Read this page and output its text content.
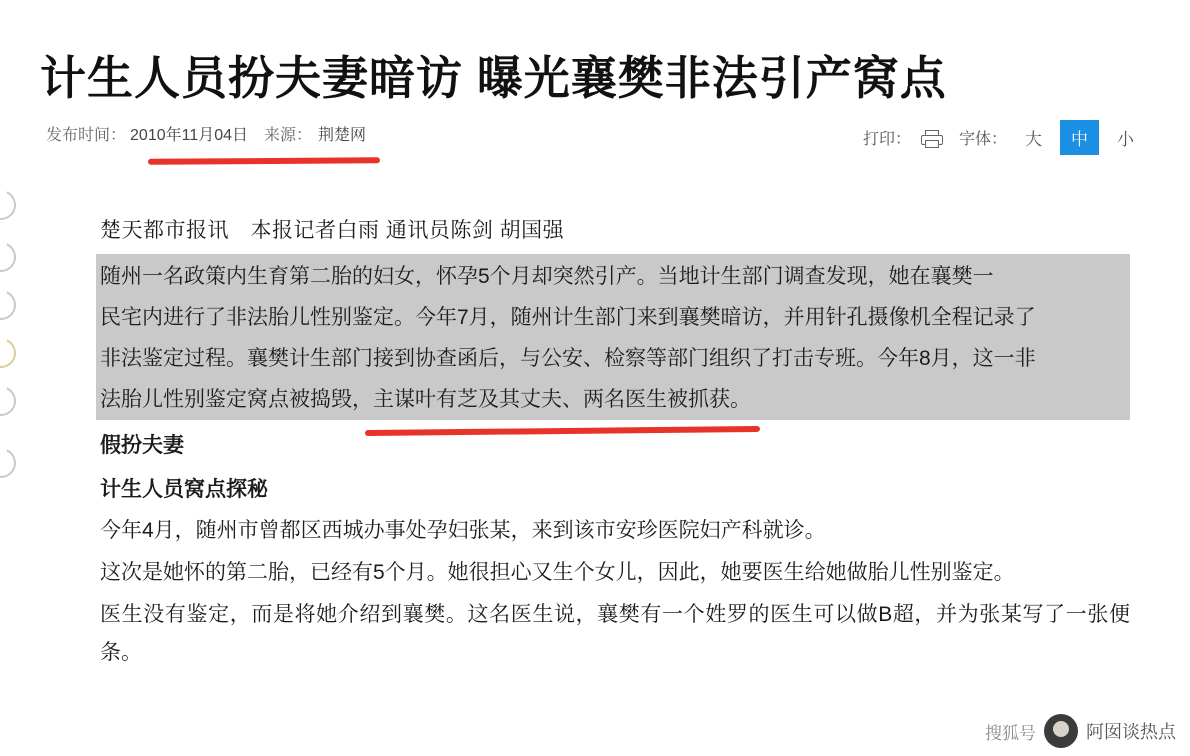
计生人员扮夫妻暗访 曝光襄樊非法引产窝点
发布时间： 2010年11月04日 来源： 荆楚网	打印：	字体：	大	中	小
楚天都市报讯　本报记者白雨 通讯员陈剑 胡国强
随州一名政策内生育第二胎的妇女，怀孕5个月却突然引产。当地计生部门调查发现，她在襄樊一
民宅内进行了非法胎儿性别鉴定。今年7月，随州计生部门来到襄樊暗访，并用针孔摄像机全程记录了
非法鉴定过程。襄樊计生部门接到协查函后，与公安、检察等部门组织了打击专班。今年8月，这一非
法胎儿性别鉴定窝点被捣毁，主谋叶有芝及其丈夫、两名医生被抓获。
假扮夫妻
计生人员窝点探秘
今年4月，随州市曾都区西城办事处孕妇张某，来到该市安珍医院妇产科就诊。
这次是她怀的第二胎，已经有5个月。她很担心又生个女儿，因此，她要医生给她做胎儿性别鉴定。
医生没有鉴定，而是将她介绍到襄樊。这名医生说，襄樊有一个姓罗的医生可以做B超，并为张某写了一张便条。
搜狐号	阿囡谈热点
